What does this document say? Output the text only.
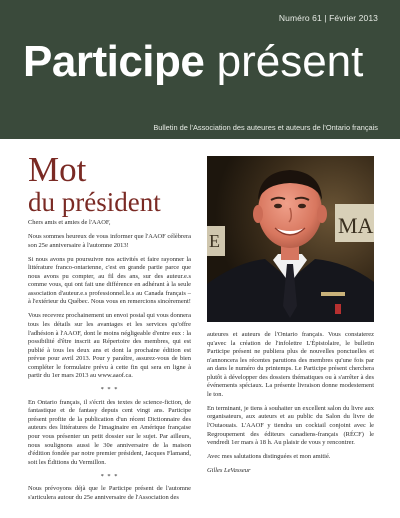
Numéro 61 | Février 2013
Participe présent
Bulletin de l'Association des auteures et auteurs de l'Ontario français
Mot
du président
MA
E

Chers amis et amies de l'AAOF,

Nous sommes heureux de vous informer que l'AAOF célèbrera son 25e anniversaire à l'automne 2013!

Si nous avons pu poursuivre nos activités et faire rayonner la littérature franco-ontarienne, c'est en grande partie parce que nous avons pu compter, au fil des ans, sur des auteur.e.s comme vous, qui ont fait une différence en adhérant à la seule association d'auteur.e.s professionnel.le.s au Canada français – à l'extérieur du Québec. Nous vous en remercions sincèrement!

Vous recevrez prochainement un envoi postal qui vous donnera tous les détails sur les avantages et les services qu'offre l'adhésion à l'AAOF, dont le moins négligeable d'entre eux : la possibilité d'être inscrit au Répertoire des membres, qui est publié à tous les deux ans et dont la prochaine édition est prévue pour avril 2013. Pour y paraître, assurez-vous de bien compléter le formulaire prévu à cette fin qui sera en ligne à partir du 1er mars 2013 au www.aaof.ca.

* * *

En Ontario français, il s'écrit des textes de science-fiction, de fantastique et de fantasy depuis cent vingt ans. Participe présent profite de la publication d'un récent Dictionnaire des auteurs des littératures de l'imaginaire en Amérique française pour vous présenter un petit dossier sur le sujet. Par ailleurs, nous soulignons aussi le 30e anniversaire de la maison d'édition fondée par notre premier président, Jacques Flamand, soit les Éditions du Vermillon.

* * *

Nous prévoyons déjà que le Participe présent de l'automne s'articulera autour du 25e anniversaire de l'Association des

auteures et auteurs de l'Ontario français. Vous constaterez qu'avec la création de l'infolettre L'Épistolaire, le bulletin Participe présent ne publiera plus de nouvelles ponctuelles et n'annoncera les récentes parutions des membres qu'une fois par an dans le numéro du printemps. Le Participe présent cherchera plutôt à développer des dossiers thématiques ou à s'arrêter à des événements spéciaux. La présente livraison donne modestement le ton.

En terminant, je tiens à souhaiter un excellent salon du livre aux organisateurs, aux auteurs et au public du Salon du livre de l'Outaouais. L'AAOF y tiendra un cocktail conjoint avec le Regroupement des éditeurs canadiens-français (RÉCF) le vendredi 1er mars à 18 h. Au plaisir de vous y rencontrer.

Avec mes salutations distinguées et mon amitié.

Gilles LeVasseur
